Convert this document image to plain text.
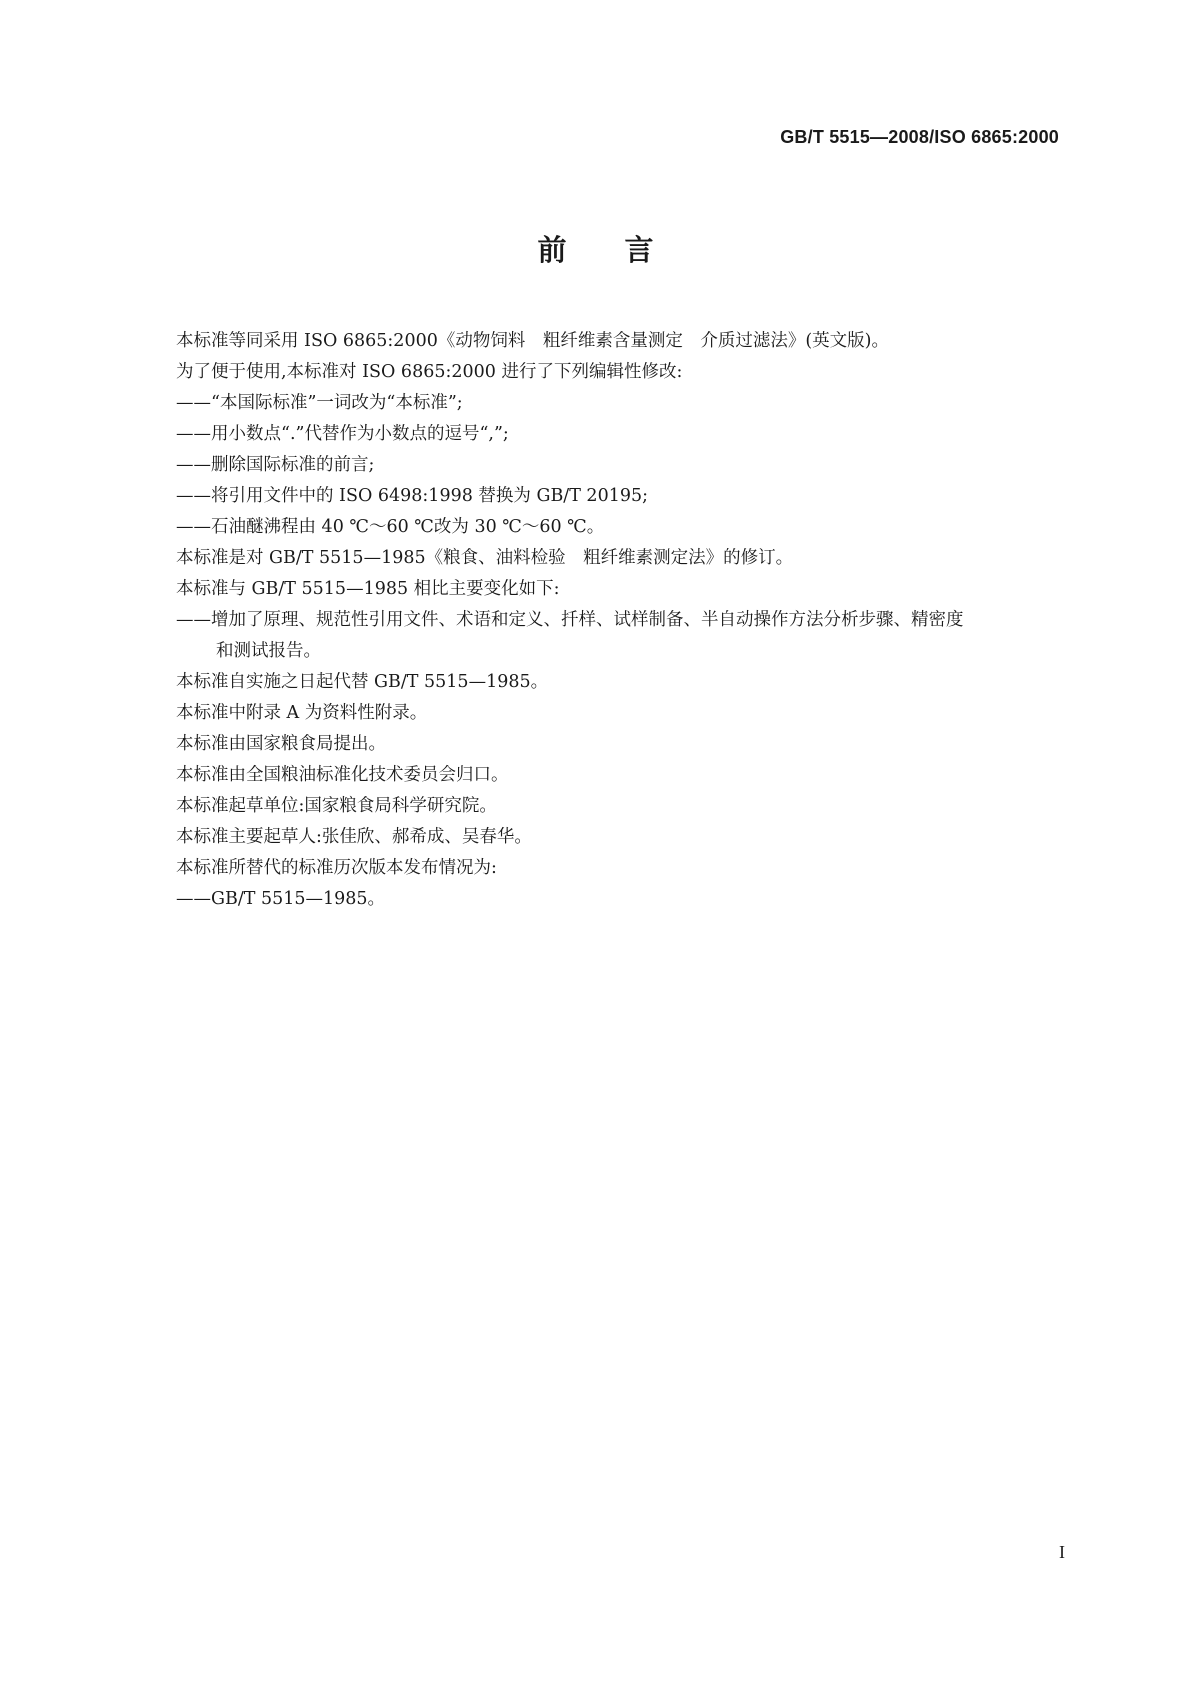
GB/T 5515—2008/ISO 6865:2000
前言
本标准等同采用 ISO 6865:2000《动物饲料　粗纤维素含量测定　介质过滤法》(英文版)。
为了便于使用,本标准对 ISO 6865:2000 进行了下列编辑性修改:
——“本国际标准”一词改为“本标准”;
——用小数点“.”代替作为小数点的逗号“,”;
——删除国际标准的前言;
——将引用文件中的 ISO 6498:1998 替换为 GB/T 20195;
——石油醚沸程由 40 ℃～60 ℃改为 30 ℃～60 ℃。
本标准是对 GB/T 5515—1985《粮食、油料检验　粗纤维素测定法》的修订。
本标准与 GB/T 5515—1985 相比主要变化如下:
——增加了原理、规范性引用文件、术语和定义、扦样、试样制备、半自动操作方法分析步骤、精密度
和测试报告。
本标准自实施之日起代替 GB/T 5515—1985。
本标准中附录 A 为资料性附录。
本标准由国家粮食局提出。
本标准由全国粮油标准化技术委员会归口。
本标准起草单位:国家粮食局科学研究院。
本标准主要起草人:张佳欣、郝希成、吴春华。
本标准所替代的标准历次版本发布情况为:
——GB/T 5515—1985。
I
